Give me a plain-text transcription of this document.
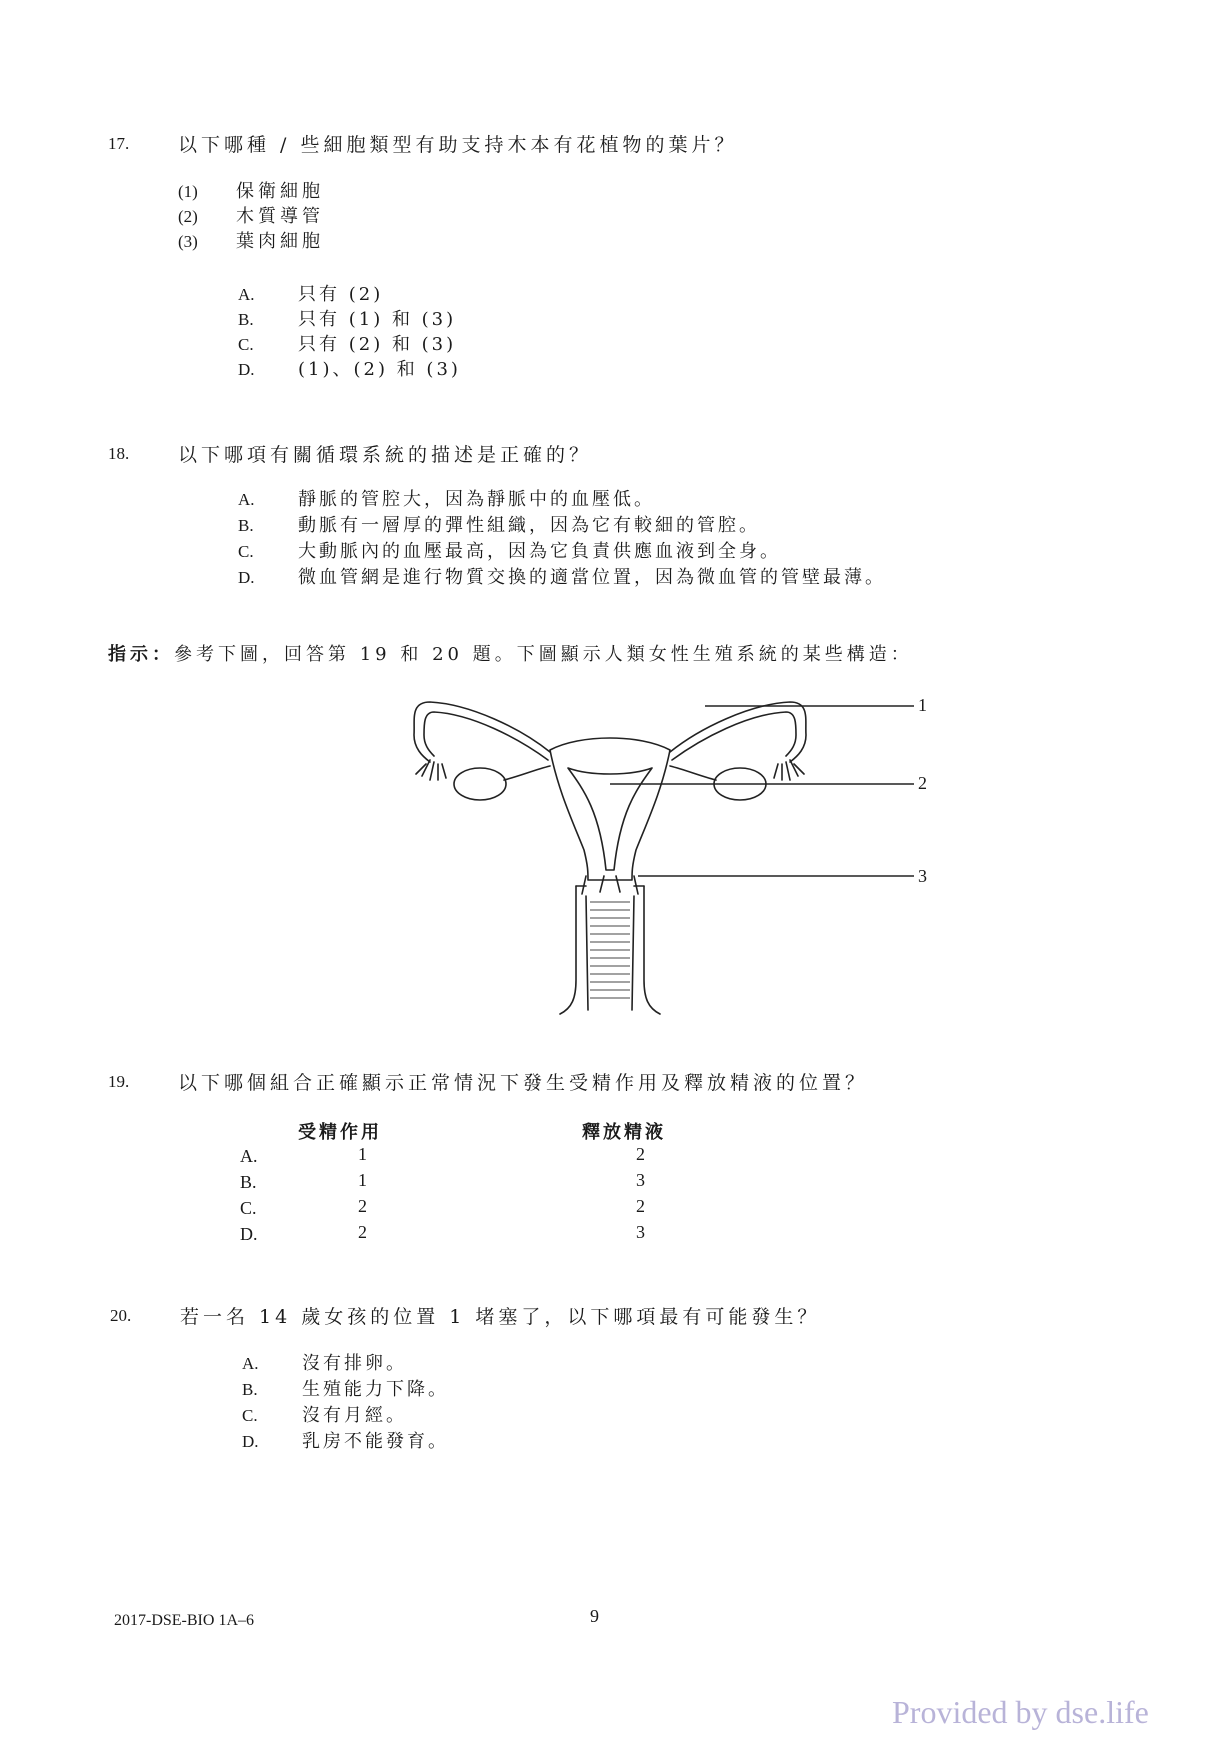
17.	以下哪種 / 些細胞類型有助支持木本有花植物的葉片？
(1) 保衛細胞
(2) 木質導管
(3) 葉肉細胞
A. 只有 (2)
B. 只有 (1) 和 (3)
C. 只有 (2) 和 (3)
D. (1)、(2) 和 (3)
18.	以下哪項有關循環系統的描述是正確的？
A. 靜脈的管腔大，因為靜脈中的血壓低。
B. 動脈有一層厚的彈性組織，因為它有較細的管腔。
C. 大動脈內的血壓最高，因為它負責供應血液到全身。
D. 微血管網是進行物質交換的適當位置，因為微血管的管壁最薄。
指示：參考下圖，回答第 19 和 20 題。下圖顯示人類女性生殖系統的某些構造：
1
2
3
19.	以下哪個組合正確顯示正常情況下發生受精作用及釋放精液的位置？
受精作用	釋放精液
A.	1	2
B.	1	3
C.	2	2
D.	2	3
20.	若一名 14 歲女孩的位置 1 堵塞了，以下哪項最有可能發生？
A. 沒有排卵。
B. 生殖能力下降。
C. 沒有月經。
D. 乳房不能發育。
2017-DSE-BIO 1A–6	9
Provided by dse.life
